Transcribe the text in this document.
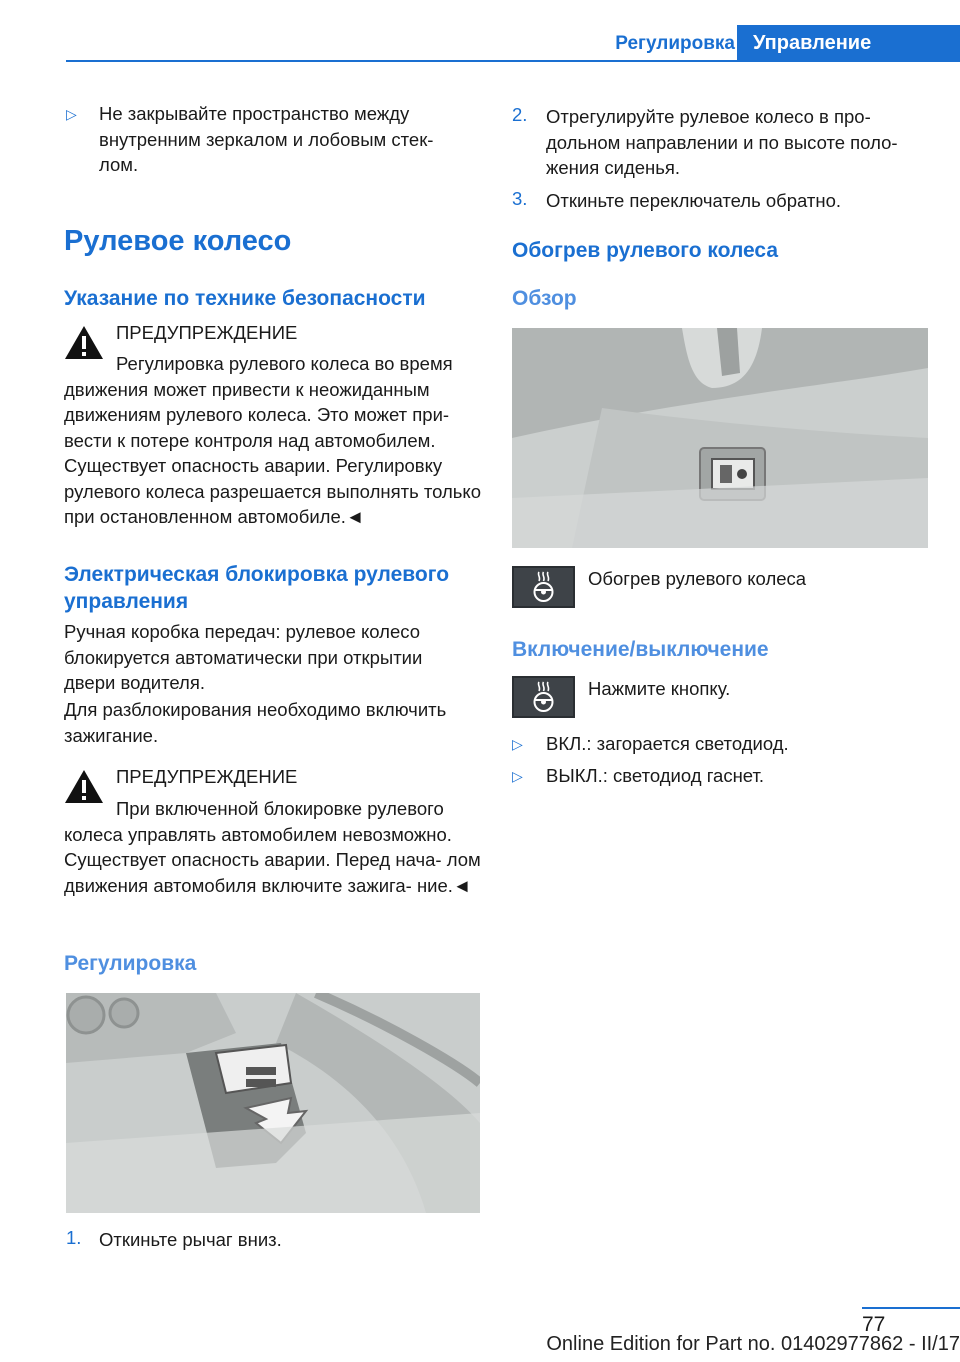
Регулировка Управление
▷ Не закрывайте пространство между внутренним зеркалом и лобовым стек- лом.
Рулевое колесо
Указание по технике безопасности
ПРЕДУПРЕЖДЕНИЕ
Регулировка рулевого колеса во время движения может привести к неожиданным движениям рулевого колеса. Это может при- вести к потере контроля над автомобилем. Существует опасность аварии. Регулировку рулевого колеса разрешается выполнять только при остановленном автомобиле.◄
Электрическая блокировка рулевого управления
Ручная коробка передач: рулевое колесо блокируется автоматически при открытии двери водителя.
Для разблокирования необходимо включить зажигание.
ПРЕДУПРЕЖДЕНИЕ
При включенной блокировке рулевого колеса управлять автомобилем невозможно. Существует опасность аварии. Перед нача- лом движения автомобиля включите зажига- ние.◄
Регулировка
1. Откиньте рычаг вниз.
2. Отрегулируйте рулевое колесо в про- дольном направлении и по высоте поло- жения сиденья.
3. Откиньте переключатель обратно.
Обогрев рулевого колеса
Обзор
Обогрев рулевого колеса
Включение/выключение
Нажмите кнопку.
▷ ВКЛ.: загорается светодиод.
▷ ВЫКЛ.: светодиод гаснет.
77
Online Edition for Part no. 01402977862 - II/17
